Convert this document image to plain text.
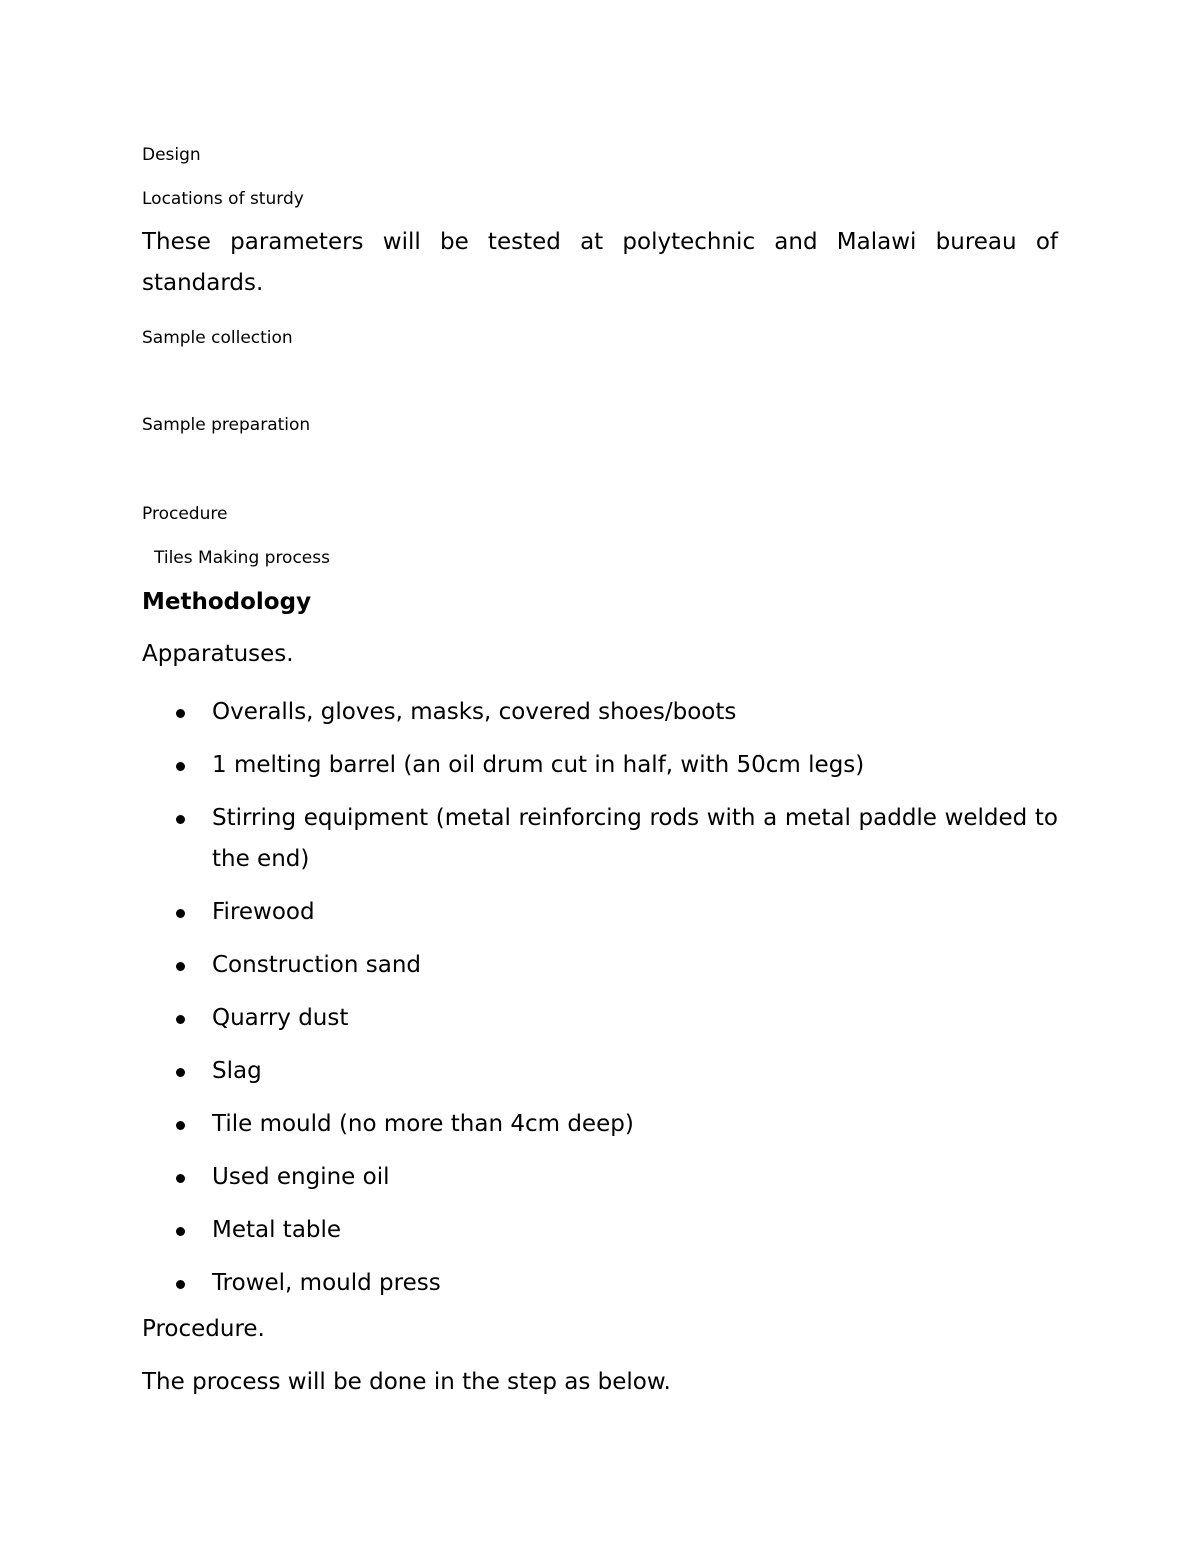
Design
Locations of sturdy
These parameters will be tested at polytechnic and Malawi bureau of standards.
Sample collection
Sample preparation
Procedure
Tiles Making process
Methodology
Apparatuses.
Overalls, gloves, masks, covered shoes/boots
1 melting barrel (an oil drum cut in half, with 50cm legs)
Stirring equipment (metal reinforcing rods with a metal paddle welded to the end)
Firewood
Construction sand
Quarry dust
Slag
Tile mould (no more than 4cm deep)
Used engine oil
Metal table
Trowel, mould press
Procedure.
The process will be done in the step as below.
